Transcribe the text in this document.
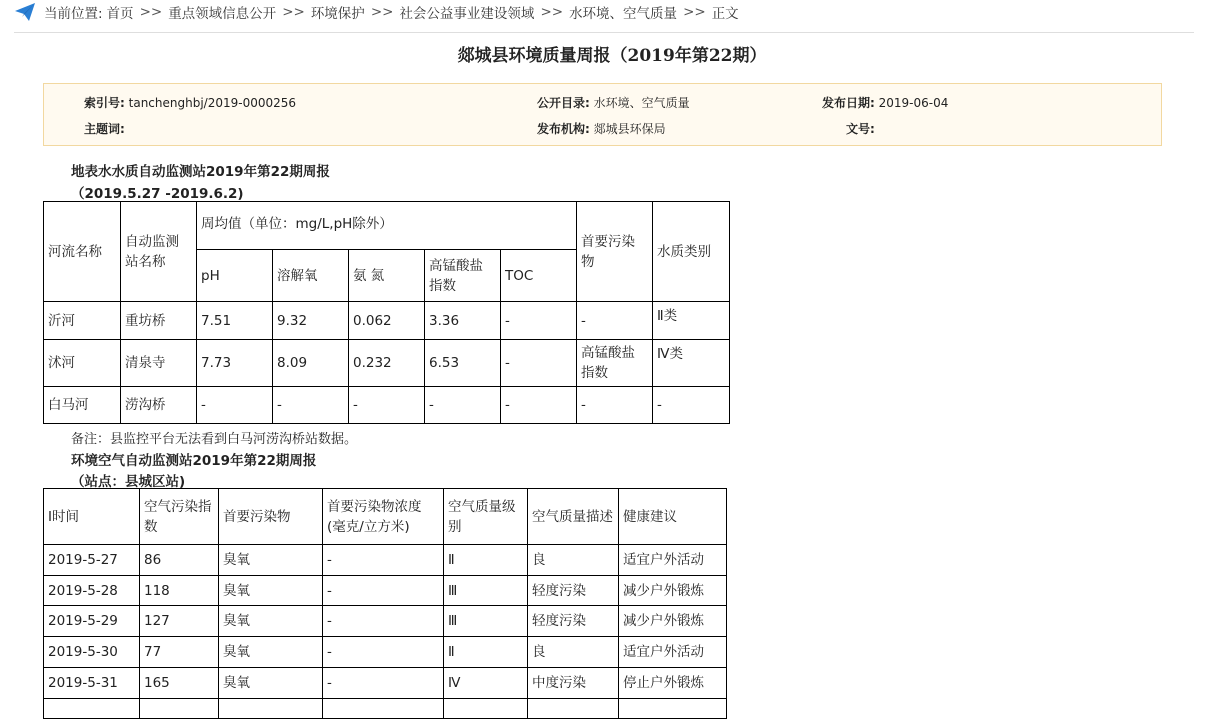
当前位置: 首页 >> 重点领域信息公开 >> 环境保护 >> 社会公益事业建设领域 >> 水环境、空气质量 >> 正文
郯城县环境质量周报（2019年第22期）
索引号: tanchenghbj/2019-0000256	公开目录: 水环境、空气质量	发布日期: 2019-06-04
主题词:	发布机构: 郯城县环保局	文号:
地表水水质自动监测站2019年第22期周报
（2019.5.27 -2019.6.2)
河流名称	自动监测站名称	周均值（单位：mg/L,pH除外）					首要污染物	水质类别
		pH	溶解氧	氨 氮	高锰酸盐指数	TOC		
沂河	重坊桥	7.51	9.32	0.062	3.36	-	-	Ⅱ类
沭河	清泉寺	7.73	8.09	0.232	6.53	-	高锰酸盐指数	Ⅳ类
白马河	涝沟桥	-	-	-	-	-	-	-
备注：县监控平台无法看到白马河涝沟桥站数据。
环境空气自动监测站2019年第22期周报
（站点：县城区站)
Ⅰ时间	空气污染指数	首要污染物	首要污染物浓度(毫克/立方米)	空气质量级别	空气质量描述	健康建议
2019-5-27	86	臭氧	-	Ⅱ	良	适宜户外活动
2019-5-28	118	臭氧	-	Ⅲ	轻度污染	减少户外锻炼
2019-5-29	127	臭氧	-	Ⅲ	轻度污染	减少户外锻炼
2019-5-30	77	臭氧	-	Ⅱ	良	适宜户外活动
2019-5-31	165	臭氧	-	Ⅳ	中度污染	停止户外锻炼
